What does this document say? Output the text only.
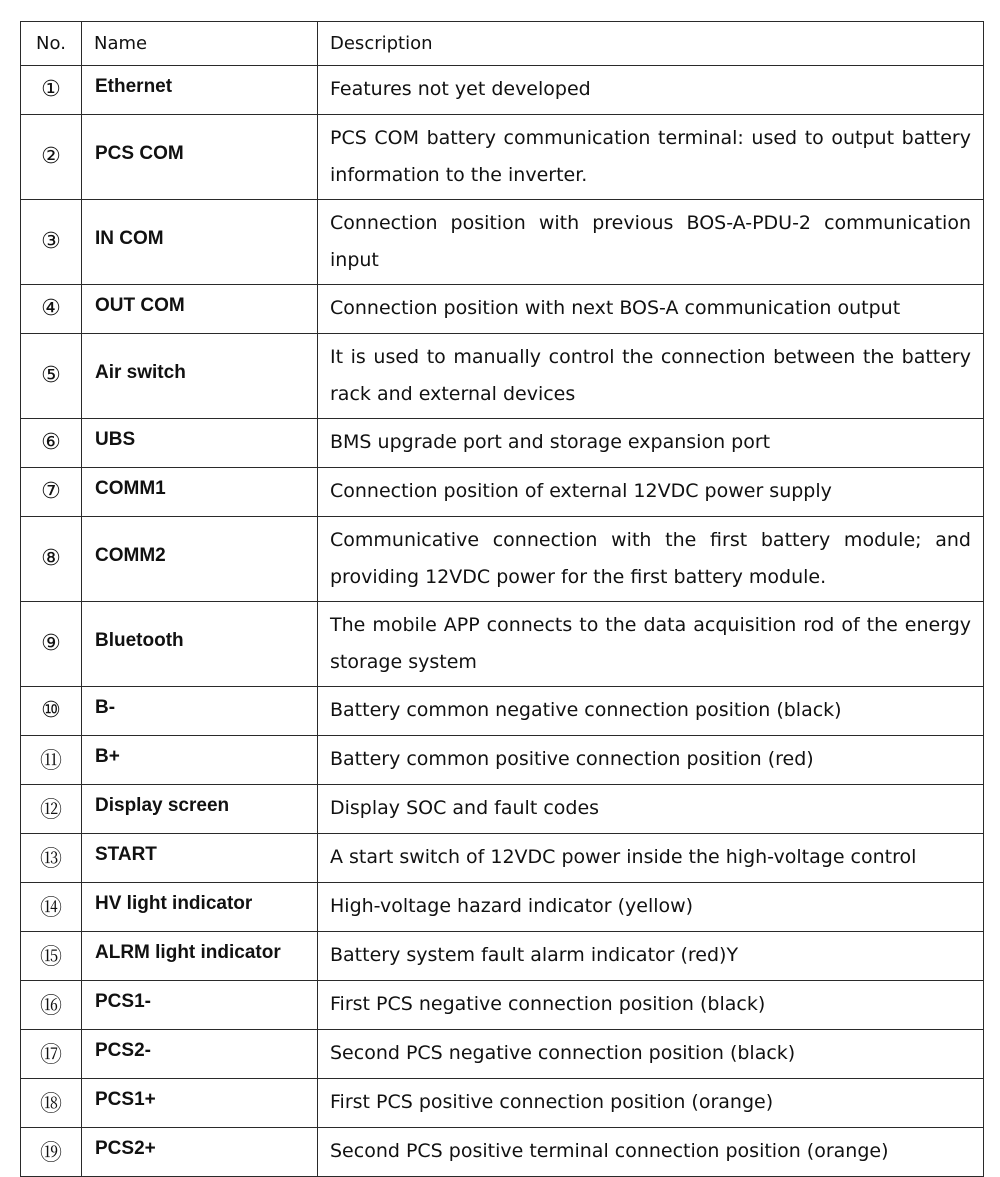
No.	Name	Description
①	Ethernet	Features not yet developed
②	PCS COM	PCS COM battery communication terminal: used to output battery information to the inverter.
③	IN COM	Connection position with previous BOS-A-PDU-2 communication input
④	OUT COM	Connection position with next BOS-A communication output
⑤	Air switch	It is used to manually control the connection between the battery rack and external devices
⑥	UBS	BMS upgrade port and storage expansion port
⑦	COMM1	Connection position of external 12VDC power supply
⑧	COMM2	Communicative connection with the first battery module; and providing 12VDC power for the first battery module.
⑨	Bluetooth	The mobile APP connects to the data acquisition rod of the energy storage system
⑩	B-	Battery common negative connection position (black)
⑪	B+	Battery common positive connection position (red)
⑫	Display screen	Display SOC and fault codes
⑬	START	A start switch of 12VDC power inside the high-voltage control
⑭	HV light indicator	High-voltage hazard indicator (yellow)
⑮	ALRM light indicator	Battery system fault alarm indicator (red)Y
⑯	PCS1-	First PCS negative connection position (black)
⑰	PCS2-	Second PCS negative connection position (black)
⑱	PCS1+	First PCS positive connection position (orange)
⑲	PCS2+	Second PCS positive terminal connection position (orange)
